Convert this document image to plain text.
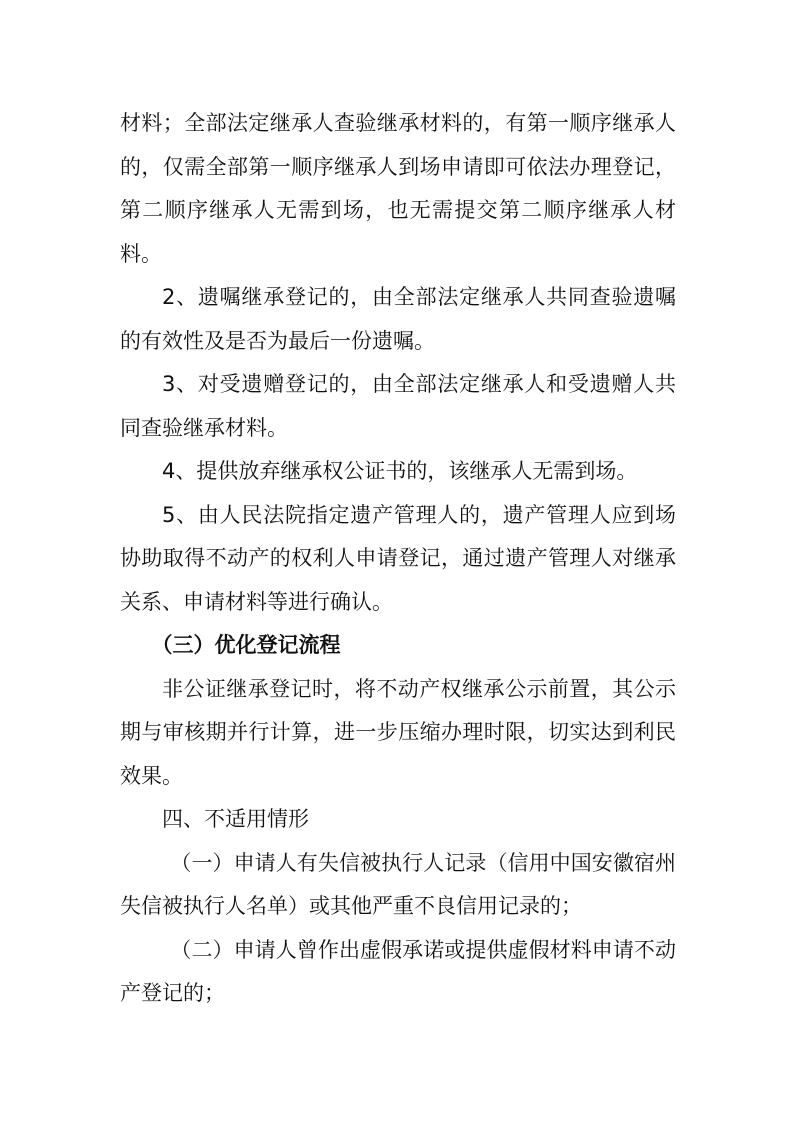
材料；全部法定继承人查验继承材料的，有第一顺序继承人的，仅需全部第一顺序继承人到场申请即可依法办理登记，第二顺序继承人无需到场，也无需提交第二顺序继承人材料。

2、遗嘱继承登记的，由全部法定继承人共同查验遗嘱的有效性及是否为最后一份遗嘱。

3、对受遗赠登记的，由全部法定继承人和受遗赠人共同查验继承材料。

4、提供放弃继承权公证书的，该继承人无需到场。

5、由人民法院指定遗产管理人的，遗产管理人应到场协助取得不动产的权利人申请登记，通过遗产管理人对继承关系、申请材料等进行确认。

（三）优化登记流程

非公证继承登记时，将不动产权继承公示前置，其公示期与审核期并行计算，进一步压缩办理时限，切实达到利民效果。

四、不适用情形

（一）申请人有失信被执行人记录（信用中国安徽宿州失信被执行人名单）或其他严重不良信用记录的；

（二）申请人曾作出虚假承诺或提供虚假材料申请不动产登记的；
